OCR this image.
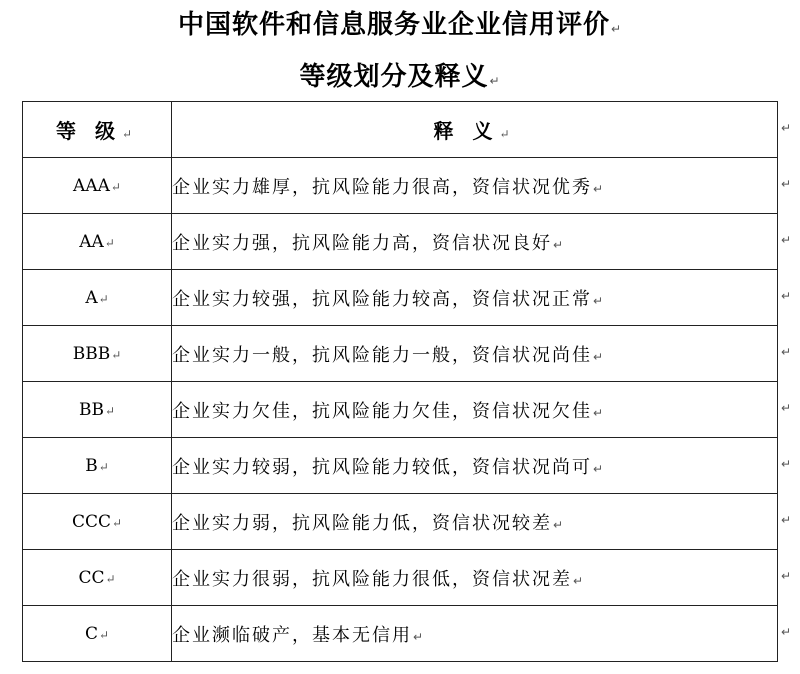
中国软件和信息服务业企业信用评价↵
等级划分及释义↵
等 级↵	释 义↵
AAA↵	企业实力雄厚，抗风险能力很高，资信状况优秀↵
AA↵	企业实力强，抗风险能力高，资信状况良好↵
A↵	企业实力较强，抗风险能力较高，资信状况正常↵
BBB↵	企业实力一般，抗风险能力一般，资信状况尚佳↵
BB↵	企业实力欠佳，抗风险能力欠佳，资信状况欠佳↵
B↵	企业实力较弱，抗风险能力较低，资信状况尚可↵
CCC↵	企业实力弱，抗风险能力低，资信状况较差↵
CC↵	企业实力很弱，抗风险能力很低，资信状况差↵
C↵	企业濒临破产，基本无信用↵
↵
↵
↵
↵
↵
↵
↵
↵
↵
↵
